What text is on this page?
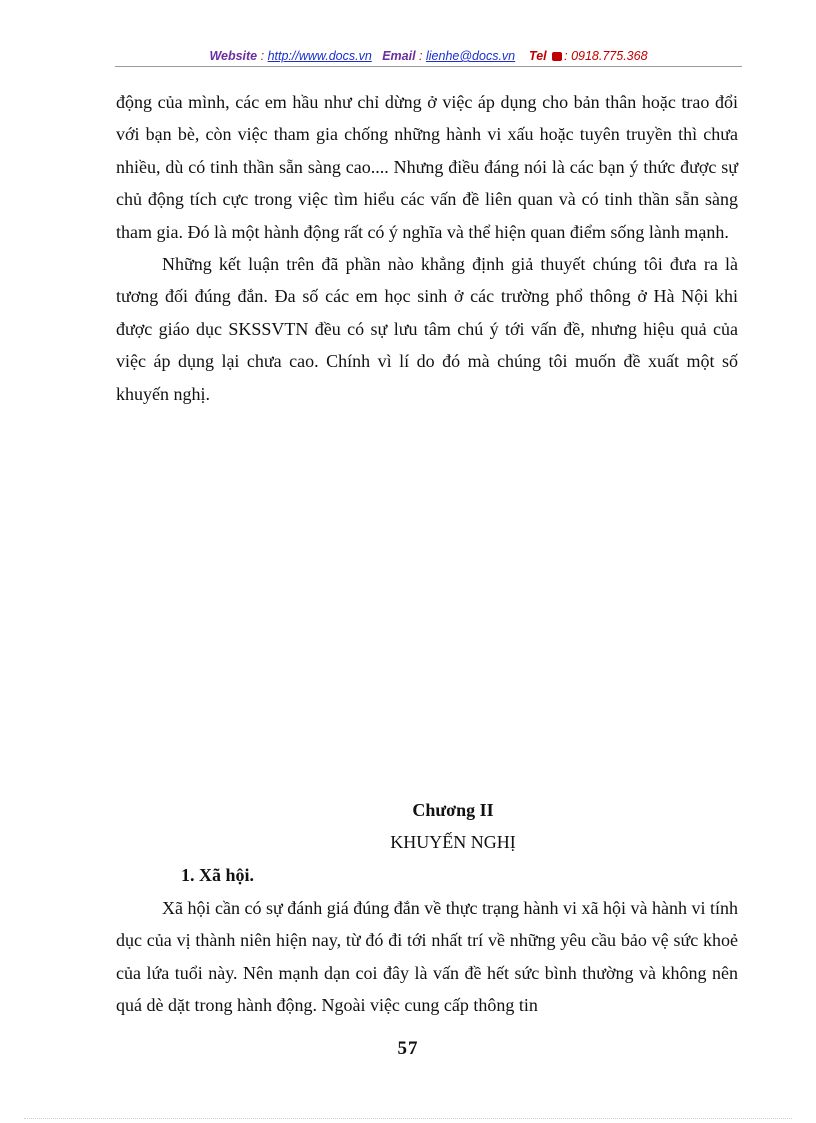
Website : http://www.docs.vn Email : lienhe@docs.vn Tel : 0918.775.368

động của mình, các em hầu như chỉ dừng ở việc áp dụng cho bản thân hoặc trao đổi với bạn bè, còn việc tham gia chống những hành vi xấu hoặc tuyên truyền thì chưa nhiều, dù có tinh thần sẵn sàng cao.... Nhưng điều đáng nói là các bạn ý thức được sự chủ động tích cực trong việc tìm hiểu các vấn đề liên quan và có tinh thần sẵn sàng tham gia. Đó là một hành động rất có ý nghĩa và thể hiện quan điểm sống lành mạnh.

Những kết luận trên đã phần nào khẳng định giả thuyết chúng tôi đưa ra là tương đối đúng đắn. Đa số các em học sinh ở các trường phổ thông ở Hà Nội khi được giáo dục SKSSVTN đều có sự lưu tâm chú ý tới vấn đề, nhưng hiệu quả của việc áp dụng lại chưa cao. Chính vì lí do đó mà chúng tôi muốn đề xuất một số khuyến nghị.

Chương II
KHUYẾN NGHỊ
1. Xã hội.

Xã hội cần có sự đánh giá đúng đắn về thực trạng hành vi xã hội và hành vi tính dục của vị thành niên hiện nay, từ đó đi tới nhất trí về những yêu cầu bảo vệ sức khoẻ của lứa tuổi này. Nên mạnh dạn coi đây là vấn đề hết sức bình thường và không nên quá dè dặt trong hành động. Ngoài việc cung cấp thông tin

57
